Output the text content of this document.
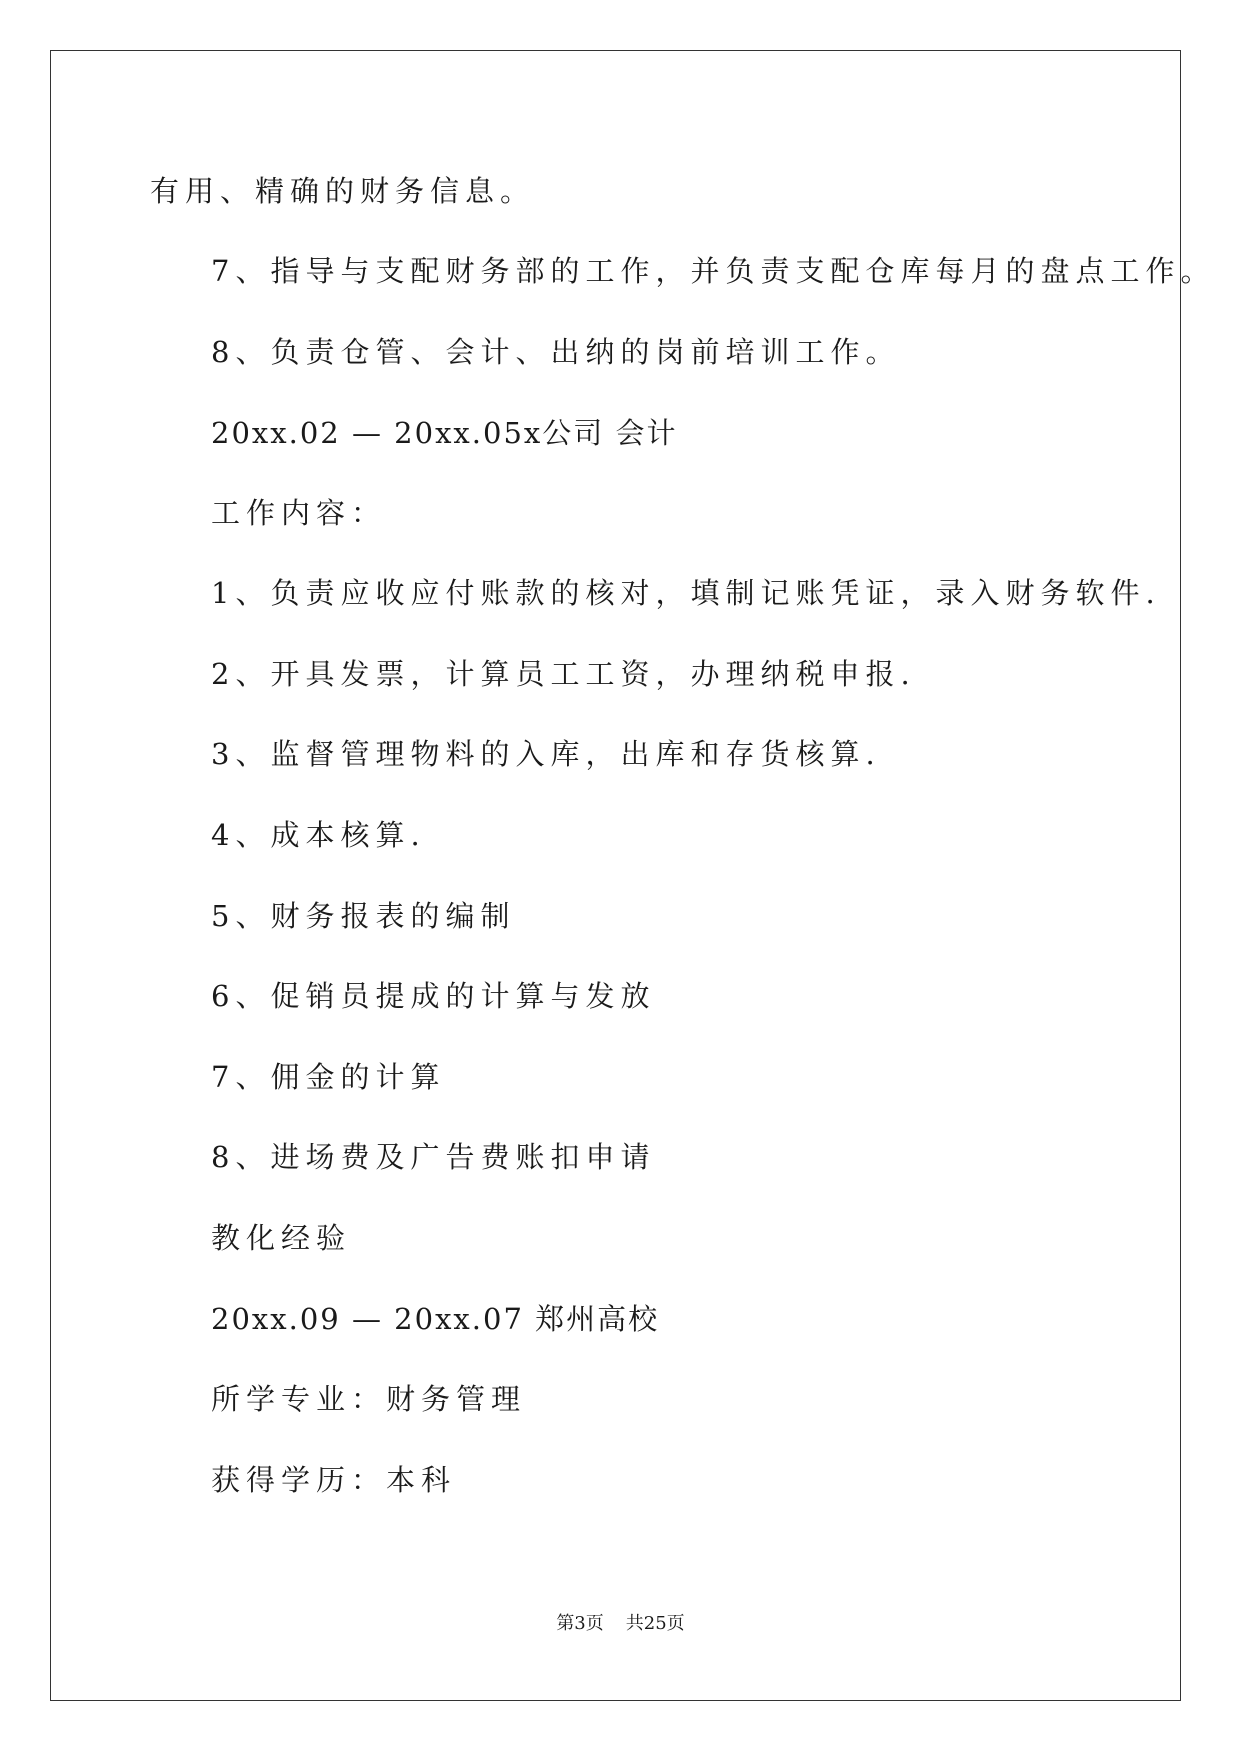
有用、精确的财务信息。
7、指导与支配财务部的工作，并负责支配仓库每月的盘点工作。
8、负责仓管、会计、出纳的岗前培训工作。
20xx.02 — 20xx.05x公司 会计
工作内容：
1、负责应收应付账款的核对，填制记账凭证，录入财务软件.
2、开具发票，计算员工工资，办理纳税申报.
3、监督管理物料的入库，出库和存货核算.
4、成本核算.
5、财务报表的编制
6、促销员提成的计算与发放
7、佣金的计算
8、进场费及广告费账扣申请
教化经验
20xx.09 — 20xx.07 郑州高校
所学专业：财务管理
获得学历：本科
第3页 共25页
